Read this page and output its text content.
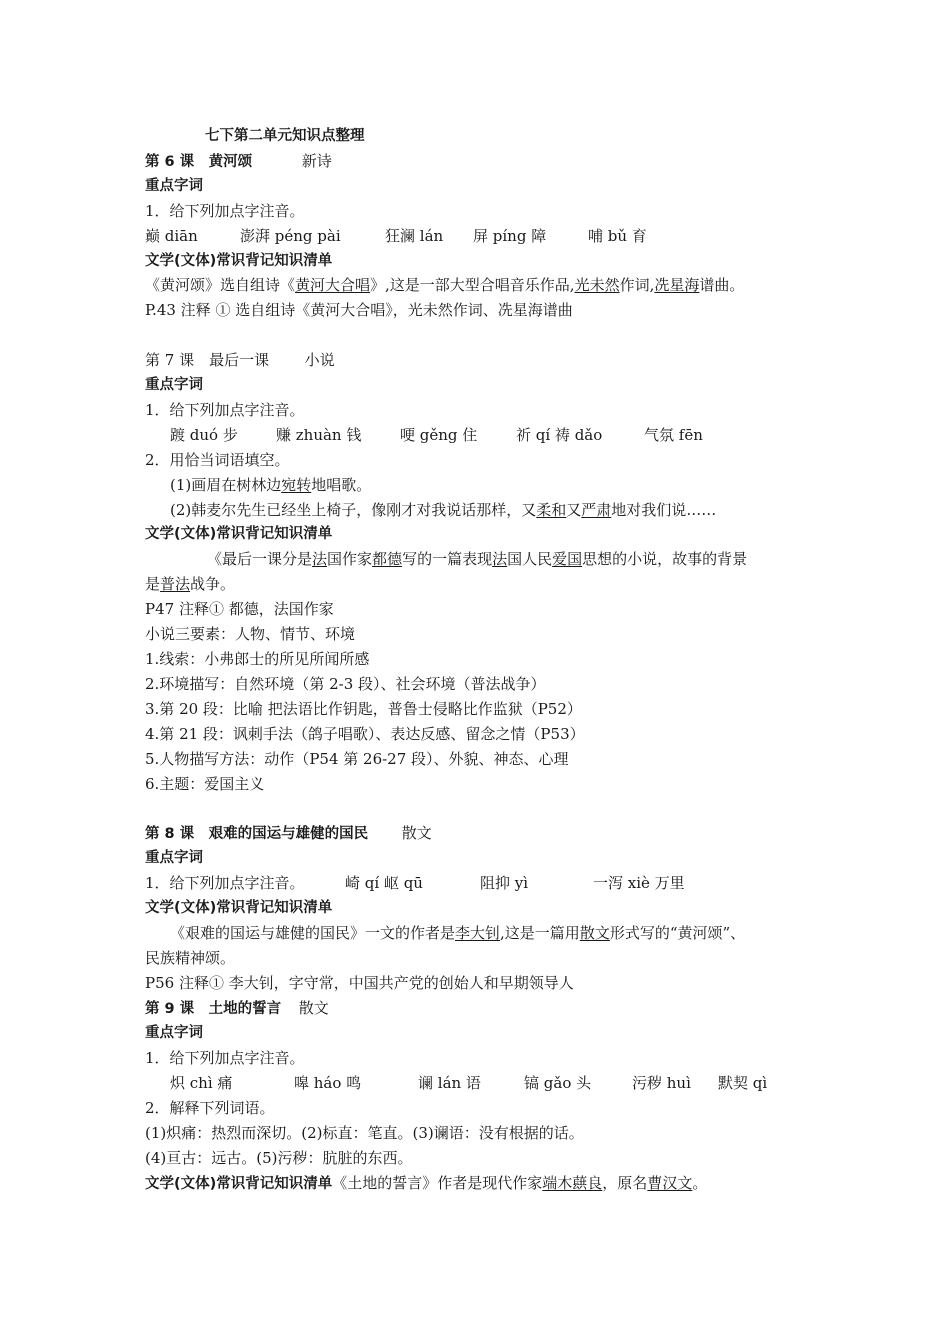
七下第二单元知识点整理
第 6 课　黄河颂	新诗
重点字词
1．给下列加点字注音。
巅 diān	澎湃 péng pài	狂澜 lán 屏 píng 障	哺 bǔ 育
文学(文体)常识背记知识清单
《黄河颂》选自组诗《黄河大合唱》,这是一部大型合唱音乐作品,光未然作词,冼星海谱曲。
P.43 注释 ① 选自组诗《黄河大合唱》，光未然作词、冼星海谱曲
第 7 课　最后一课 小说
重点字词
1．给下列加点字注音。
踱 duó 步	赚 zhuàn 钱	哽 gěng 住	祈 qí 祷 dǎo	气氛 fēn
2．用恰当词语填空。
(1)画眉在树林边宛转地唱歌。
(2)韩麦尔先生已经坐上椅子，像刚才对我说话那样，又柔和又严肃地对我们说……
文学(文体)常识背记知识清单
《最后一课分是法国作家都德写的一篇表现法国人民爱国思想的小说，故事的背景
是普法战争。
P47 注释① 都德，法国作家
小说三要素：人物、情节、环境
1.线索：小弗郎士的所见所闻所感
2.环境描写：自然环境（第 2-3 段）、社会环境（普法战争）
3.第 20 段：比喻 把法语比作钥匙，普鲁士侵略比作监狱（P52）
4.第 21 段：讽刺手法（鸽子唱歌）、表达反感、留念之情（P53）
5.人物描写方法：动作（P54 第 26-27 段）、外貌、神态、心理
6.主题：爱国主义
第 8 课　艰难的国运与雄健的国民 散文
重点字词
1．给下列加点字注音。	崎 qí 岖 qū	阻抑 yì	一泻 xiè 万里
文学(文体)常识背记知识清单
《艰难的国运与雄健的国民》一文的作者是李大钊,这是一篇用散文形式写的“黄河颂”、
民族精神颂。
P56 注释① 李大钊，字守常，中国共产党的创始人和早期领导人
第 9 课　土地的誓言 散文
重点字词
1．给下列加点字注音。
炽 chì 痛	嗥 háo 鸣	谰 lán 语	镐 gǎo 头	污秽 huì 默契 qì
2．解释下列词语。
(1)炽痛：热烈而深切。(2)标直：笔直。(3)谰语：没有根据的话。
(4)亘古：远古。(5)污秽：肮脏的东西。
文学(文体)常识背记知识清单《土地的誓言》作者是现代作家端木蕻良，原名曹汉文。
